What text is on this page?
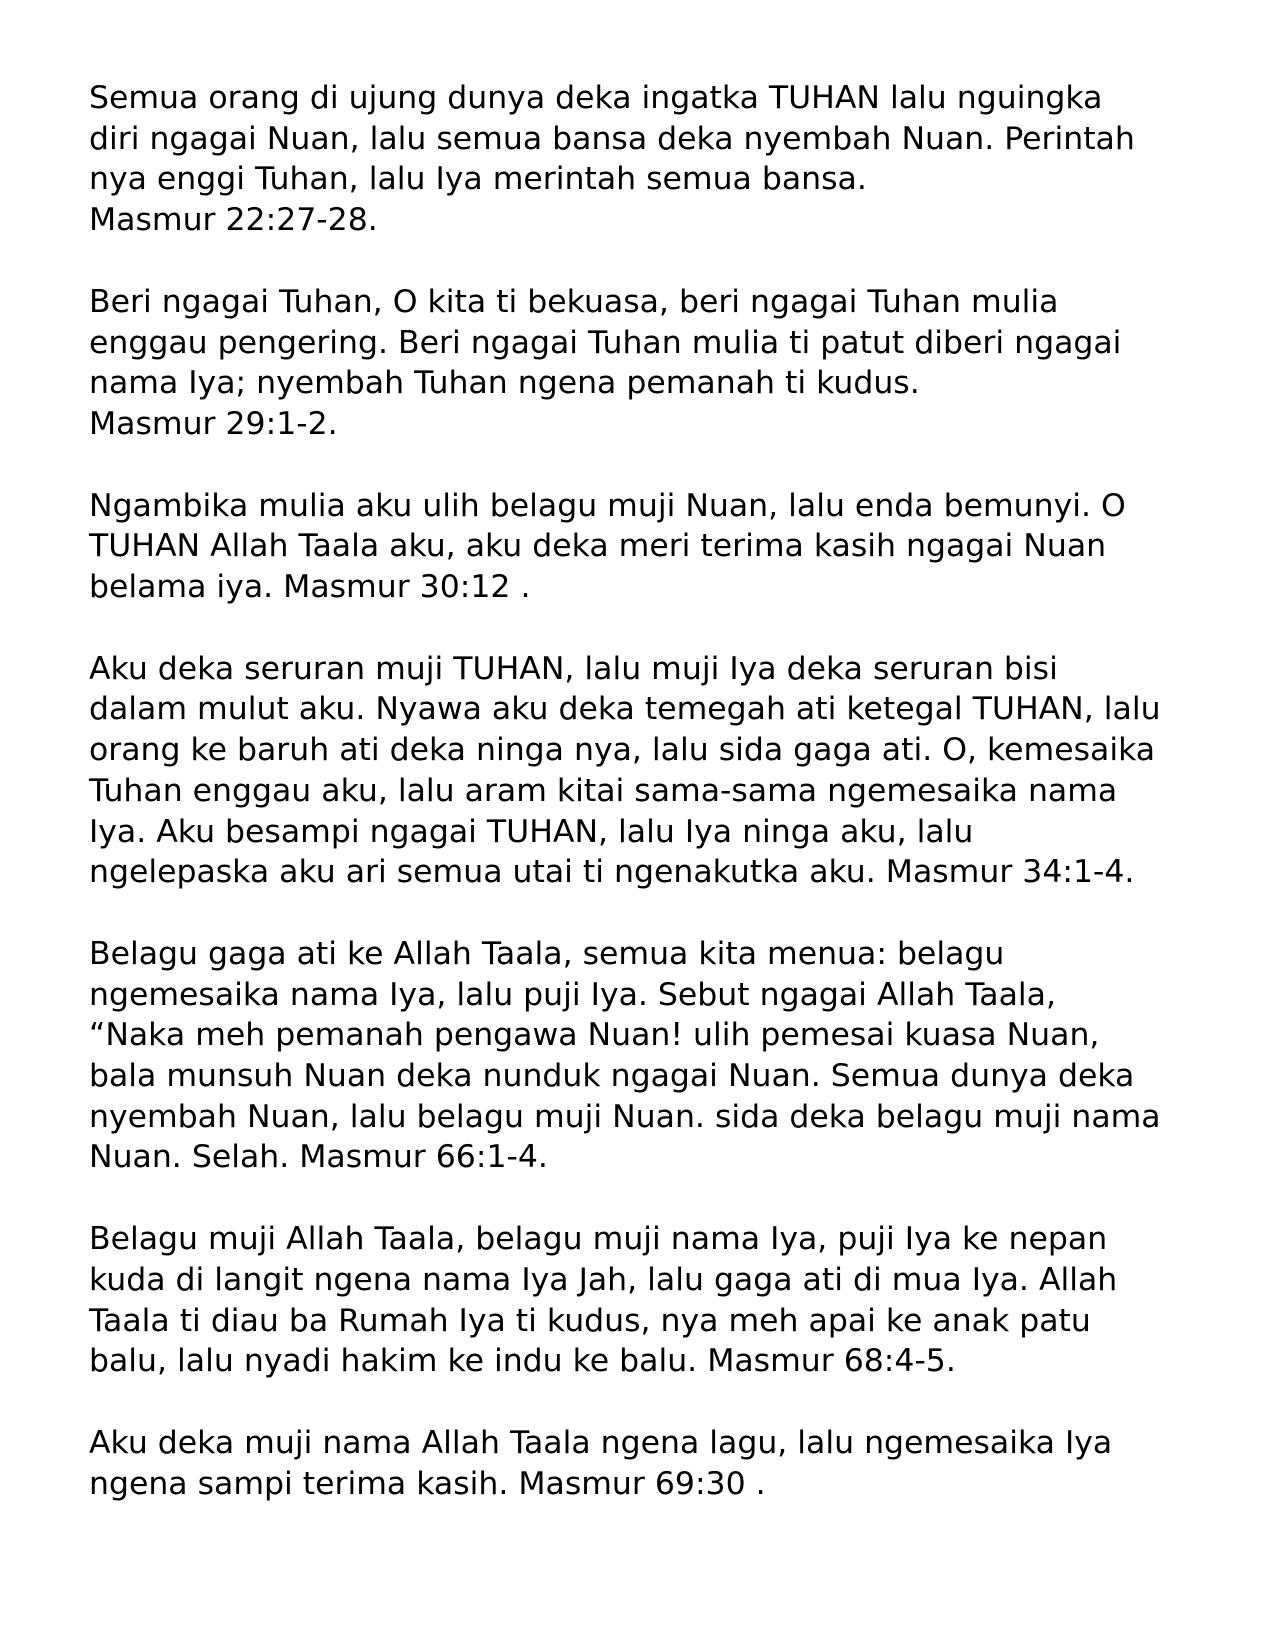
Semua orang di ujung dunya deka ingatka TUHAN lalu nguingka
diri ngagai Nuan, lalu semua bansa deka nyembah Nuan. Perintah
nya enggi Tuhan, lalu Iya merintah semua bansa.
Masmur 22:27-28.
Beri ngagai Tuhan, O kita ti bekuasa, beri ngagai Tuhan mulia
enggau pengering. Beri ngagai Tuhan mulia ti patut diberi ngagai
nama Iya; nyembah Tuhan ngena pemanah ti kudus.
Masmur 29:1-2.
Ngambika mulia aku ulih belagu muji Nuan, lalu enda bemunyi. O
TUHAN Allah Taala aku, aku deka meri terima kasih ngagai Nuan
belama iya. Masmur 30:12 .
Aku deka seruran muji TUHAN, lalu muji Iya deka seruran bisi
dalam mulut aku. Nyawa aku deka temegah ati ketegal TUHAN, lalu
orang ke baruh ati deka ninga nya, lalu sida gaga ati. O, kemesaika
Tuhan enggau aku, lalu aram kitai sama-sama ngemesaika nama
Iya. Aku besampi ngagai TUHAN, lalu Iya ninga aku, lalu
ngelepaska aku ari semua utai ti ngenakutka aku. Masmur 34:1-4.
Belagu gaga ati ke Allah Taala, semua kita menua: belagu
ngemesaika nama Iya, lalu puji Iya. Sebut ngagai Allah Taala,
“Naka meh pemanah pengawa Nuan! ulih pemesai kuasa Nuan,
bala munsuh Nuan deka nunduk ngagai Nuan. Semua dunya deka
nyembah Nuan, lalu belagu muji Nuan. sida deka belagu muji nama
Nuan. Selah. Masmur 66:1-4.
Belagu muji Allah Taala, belagu muji nama Iya, puji Iya ke nepan
kuda di langit ngena nama Iya Jah, lalu gaga ati di mua Iya. Allah
Taala ti diau ba Rumah Iya ti kudus, nya meh apai ke anak patu
balu, lalu nyadi hakim ke indu ke balu. Masmur 68:4-5.
Aku deka muji nama Allah Taala ngena lagu, lalu ngemesaika Iya
ngena sampi terima kasih. Masmur 69:30 .
